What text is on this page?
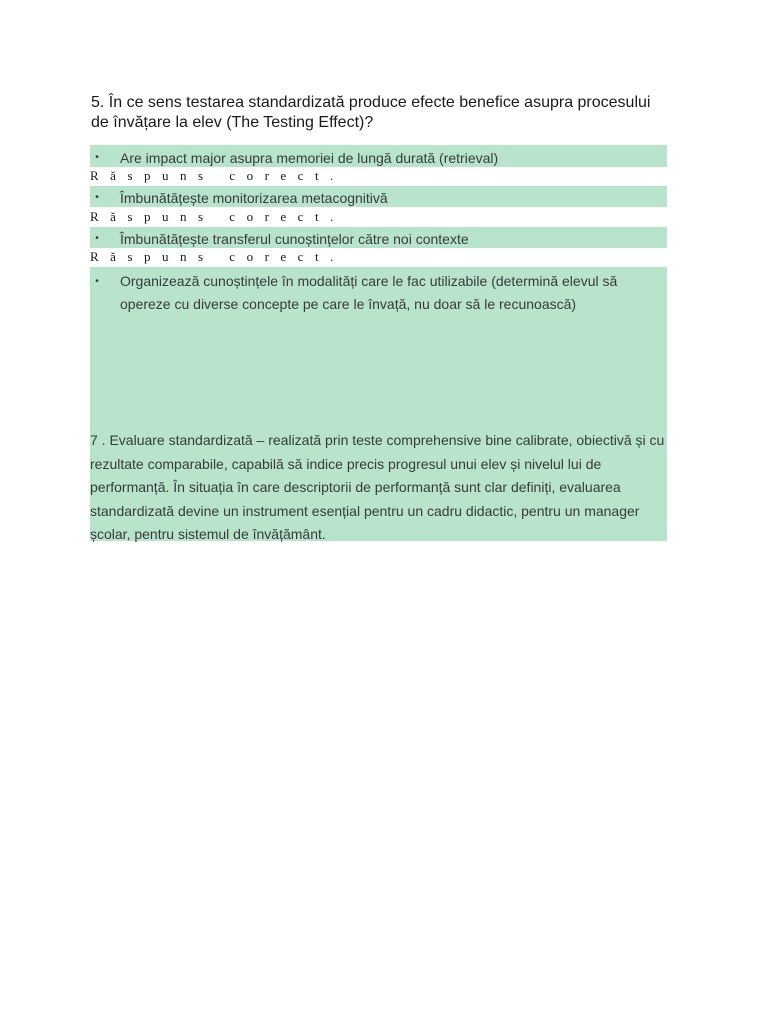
5. În ce sens testarea standardizată produce efecte benefice asupra procesului de învățare la elev (The Testing Effect)?
•	Are impact major asupra memoriei de lungă durată (retrieval)
Răspuns corect.
•	Îmbunătățește monitorizarea metacognitivă
Răspuns corect.
•	Îmbunătățește transferul cunoștințelor către noi contexte
Răspuns corect.
•	Organizează cunoștințele în modalități care le fac utilizabile (determină elevul să opereze cu diverse concepte pe care le învață, nu doar să le recunoască)
7 . Evaluare standardizată – realizată prin teste comprehensive bine calibrate, obiectivă și cu rezultate comparabile, capabilă să indice precis progresul unui elev și nivelul lui de performanță. În situația în care descriptorii de performanță sunt clar definiți, evaluarea standardizată devine un instrument esențial pentru un cadru didactic, pentru un manager școlar, pentru sistemul de învățământ.
